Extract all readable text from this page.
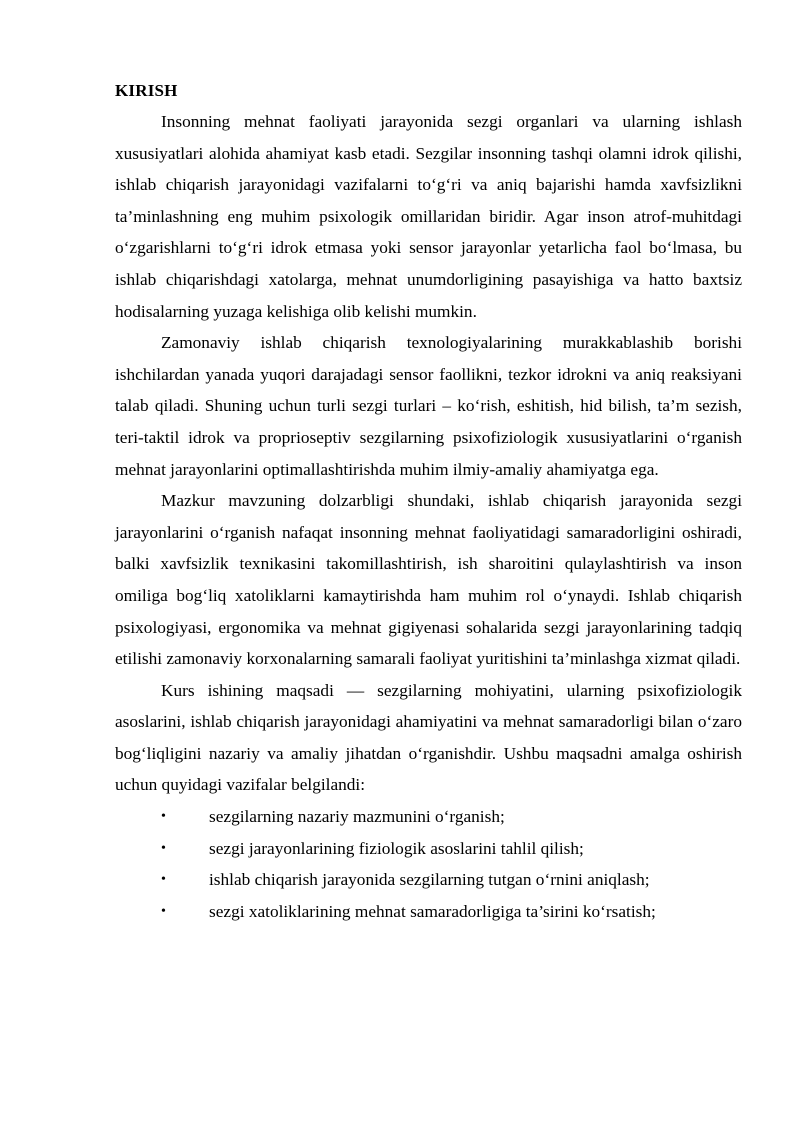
KIRISH

Insonning mehnat faoliyati jarayonida sezgi organlari va ularning ishlash xususiyatlari alohida ahamiyat kasb etadi. Sezgilar insonning tashqi olamni idrok qilishi, ishlab chiqarish jarayonidagi vazifalarni to‘g‘ri va aniq bajarishi hamda xavfsizlikni ta’minlashning eng muhim psixologik omillaridan biridir. Agar inson atrof-muhitdagi o‘zgarishlarni to‘g‘ri idrok etmasa yoki sensor jarayonlar yetarlicha faol bo‘lmasa, bu ishlab chiqarishdagi xatolarga, mehnat unumdorligining pasayishiga va hatto baxtsiz hodisalarning yuzaga kelishiga olib kelishi mumkin.

Zamonaviy ishlab chiqarish texnologiyalarining murakkablashib borishi ishchilardan yanada yuqori darajadagi sensor faollikni, tezkor idrokni va aniq reaksiyani talab qiladi. Shuning uchun turli sezgi turlari – ko‘rish, eshitish, hid bilish, ta’m sezish, teri-taktil idrok va proprioseptiv sezgilarning psixofiziologik xususiyatlarini o‘rganish mehnat jarayonlarini optimallashtirishda muhim ilmiy-amaliy ahamiyatga ega.

Mazkur mavzuning dolzarbligi shundaki, ishlab chiqarish jarayonida sezgi jarayonlarini o‘rganish nafaqat insonning mehnat faoliyatidagi samaradorligini oshiradi, balki xavfsizlik texnikasini takomillashtirish, ish sharoitini qulaylashtirish va inson omiliga bog‘liq xatoliklarni kamaytirishda ham muhim rol o‘ynaydi. Ishlab chiqarish psixologiyasi, ergonomika va mehnat gigiyenasi sohalarida sezgi jarayonlarining tadqiq etilishi zamonaviy korxonalarning samarali faoliyat yuritishini ta’minlashga xizmat qiladi.

Kurs ishining maqsadi — sezgilarning mohiyatini, ularning psixofiziologik asoslarini, ishlab chiqarish jarayonidagi ahamiyatini va mehnat samaradorligi bilan o‘zaro bog‘liqligini nazariy va amaliy jihatdan o‘rganishdir. Ushbu maqsadni amalga oshirish uchun quyidagi vazifalar belgilandi:

• sezgilarning nazariy mazmunini o‘rganish;
• sezgi jarayonlarining fiziologik asoslarini tahlil qilish;
• ishlab chiqarish jarayonida sezgilarning tutgan o‘rnini aniqlash;
• sezgi xatoliklarining mehnat samaradorligiga ta’sirini ko‘rsatish;
